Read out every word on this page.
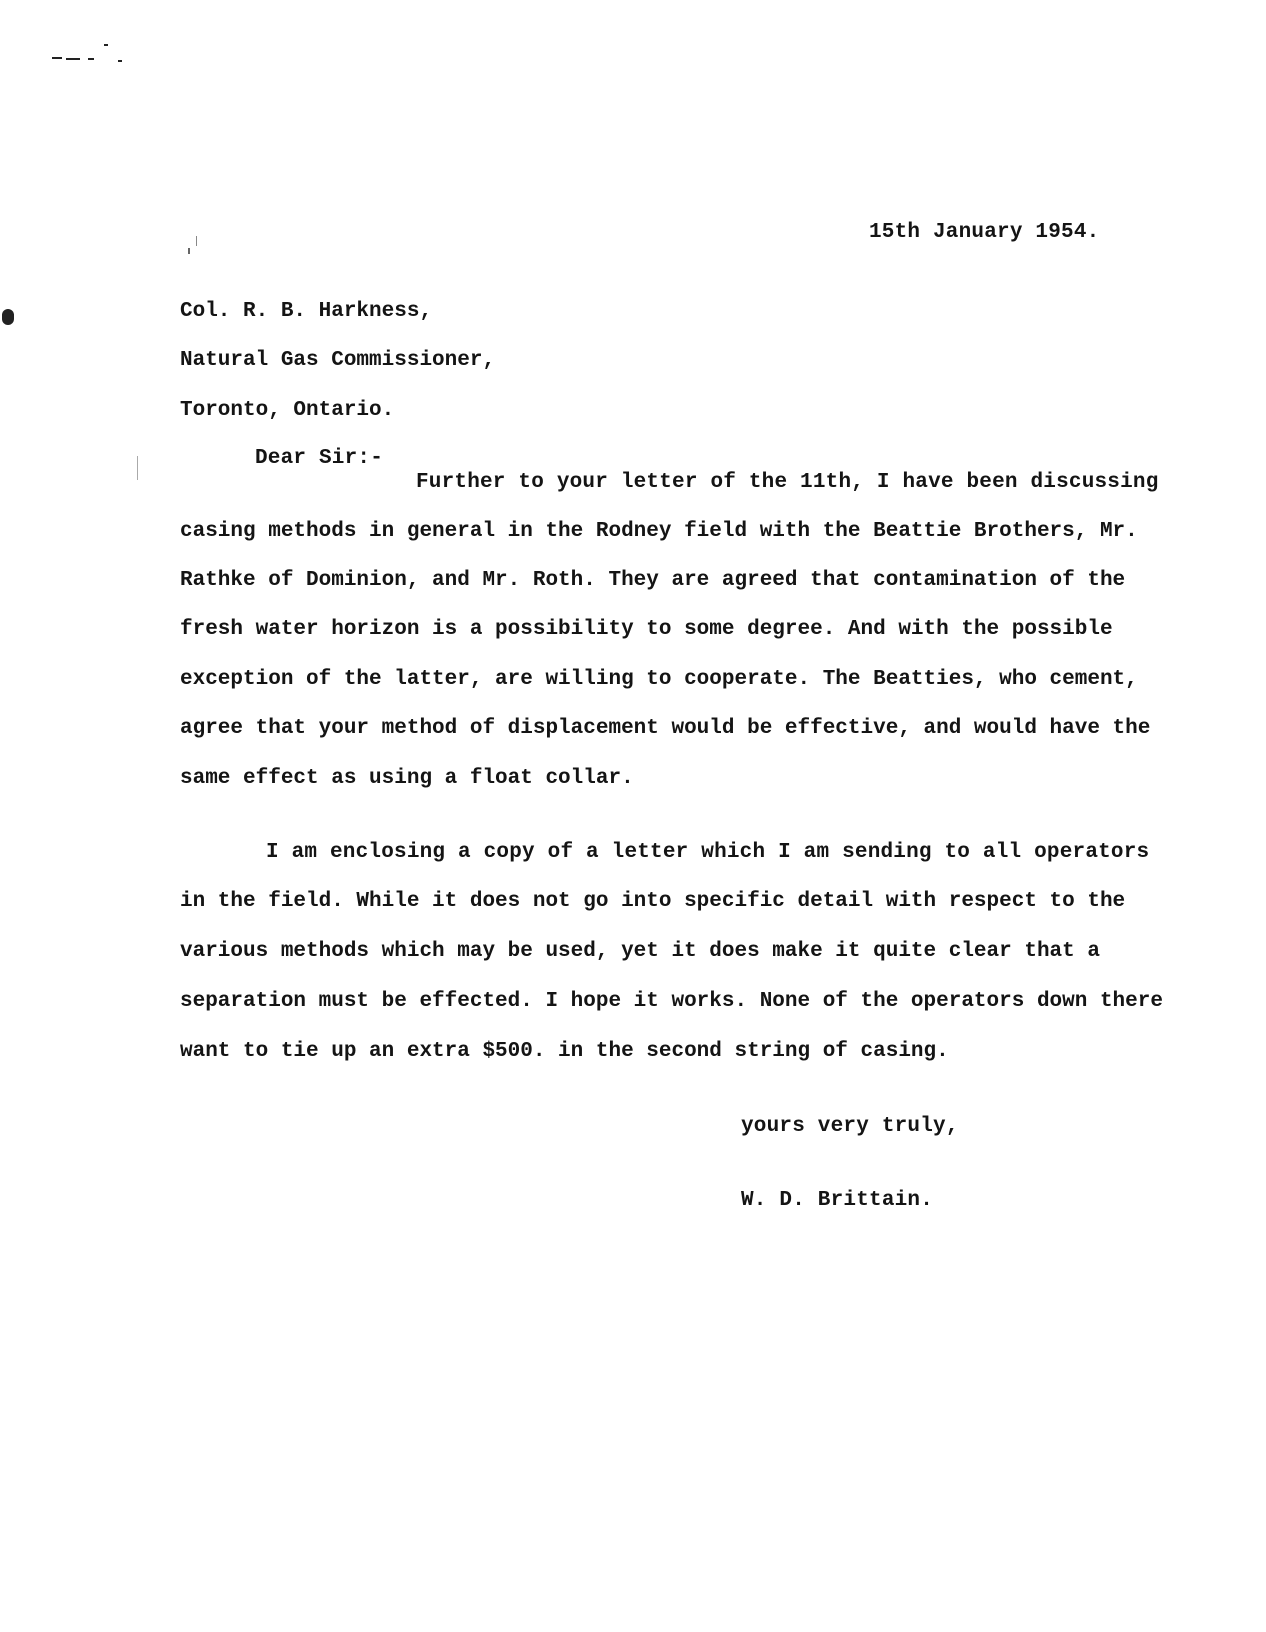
15th January 1954.
Col. R. B. Harkness,
Natural Gas Commissioner,
Toronto, Ontario.
Dear Sir:-
Further to your letter of the 11th, I have been discussing
casing methods in general in the Rodney field with the Beattie Brothers, Mr.
Rathke of Dominion, and Mr. Roth. They are agreed that contamination of the
fresh water horizon is a possibility to some degree. And with the possible
exception of the latter, are willing to cooperate. The Beatties, who cement,
agree that your method of displacement would be effective, and would have the
same effect as using a float collar.
I am enclosing a copy of a letter which I am sending to all operators
in the field. While it does not go into specific detail with respect to the
various methods which may be used, yet it does make it quite clear that a
separation must be effected. I hope it works. None of the operators down there
want to tie up an extra $500. in the second string of casing.
yours very truly,
W. D. Brittain.
